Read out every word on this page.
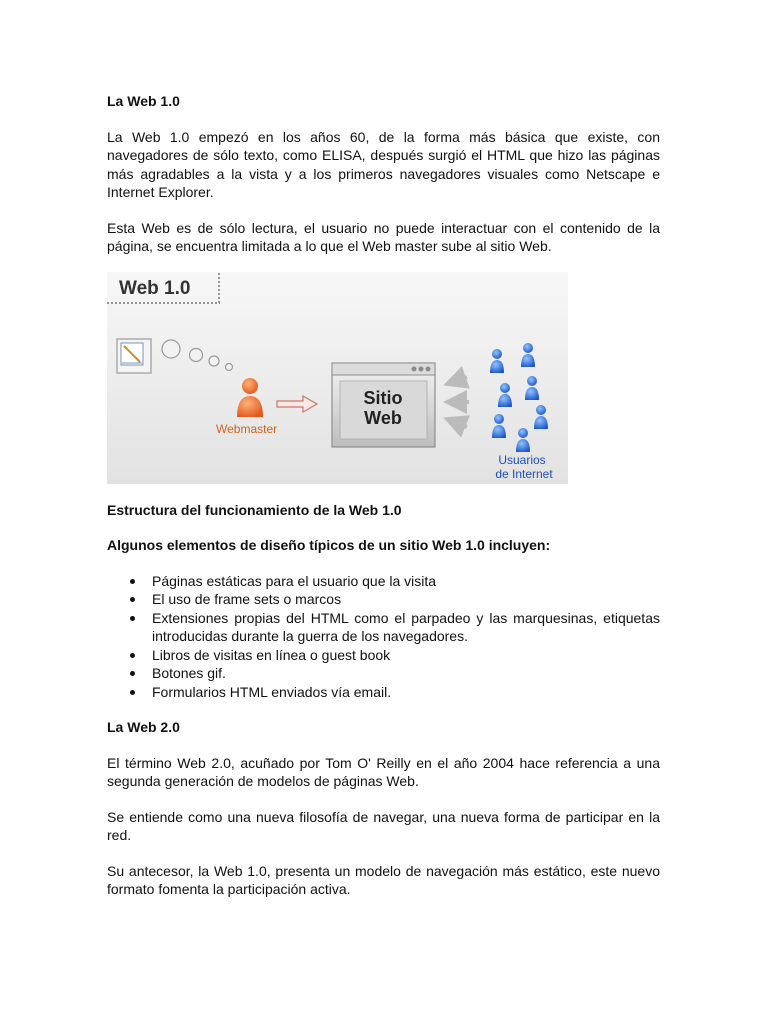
La Web 1.0

La Web 1.0 empezó en los años 60, de la forma más básica que existe, con navegadores de sólo texto, como ELISA, después surgió el HTML que hizo las páginas más agradables a la vista y a los primeros navegadores visuales como Netscape e Internet Explorer.

Esta Web es de sólo lectura, el usuario no puede interactuar con el contenido de la página, se encuentra limitada a lo que el Web master sube al sitio Web.

Web 1.0
Webmaster
Sitio
Web
Usuarios
de Internet
Estructura del funcionamiento de la Web 1.0
Algunos elementos de diseño típicos de un sitio Web 1.0 incluyen:
Páginas estáticas para el usuario que la visita
El uso de frame sets o marcos
Extensiones propias del HTML como el parpadeo y las marquesinas, etiquetas introducidas durante la guerra de los navegadores.
Libros de visitas en línea o guest book
Botones gif.
Formularios HTML enviados vía email.
La Web 2.0

El término Web 2.0, acuñado por Tom O' Reilly en el año 2004 hace referencia a una segunda generación de modelos de páginas Web.

Se entiende como una nueva filosofía de navegar, una nueva forma de participar en la red.

Su antecesor, la Web 1.0, presenta un modelo de navegación más estático, este nuevo formato fomenta la participación activa.
